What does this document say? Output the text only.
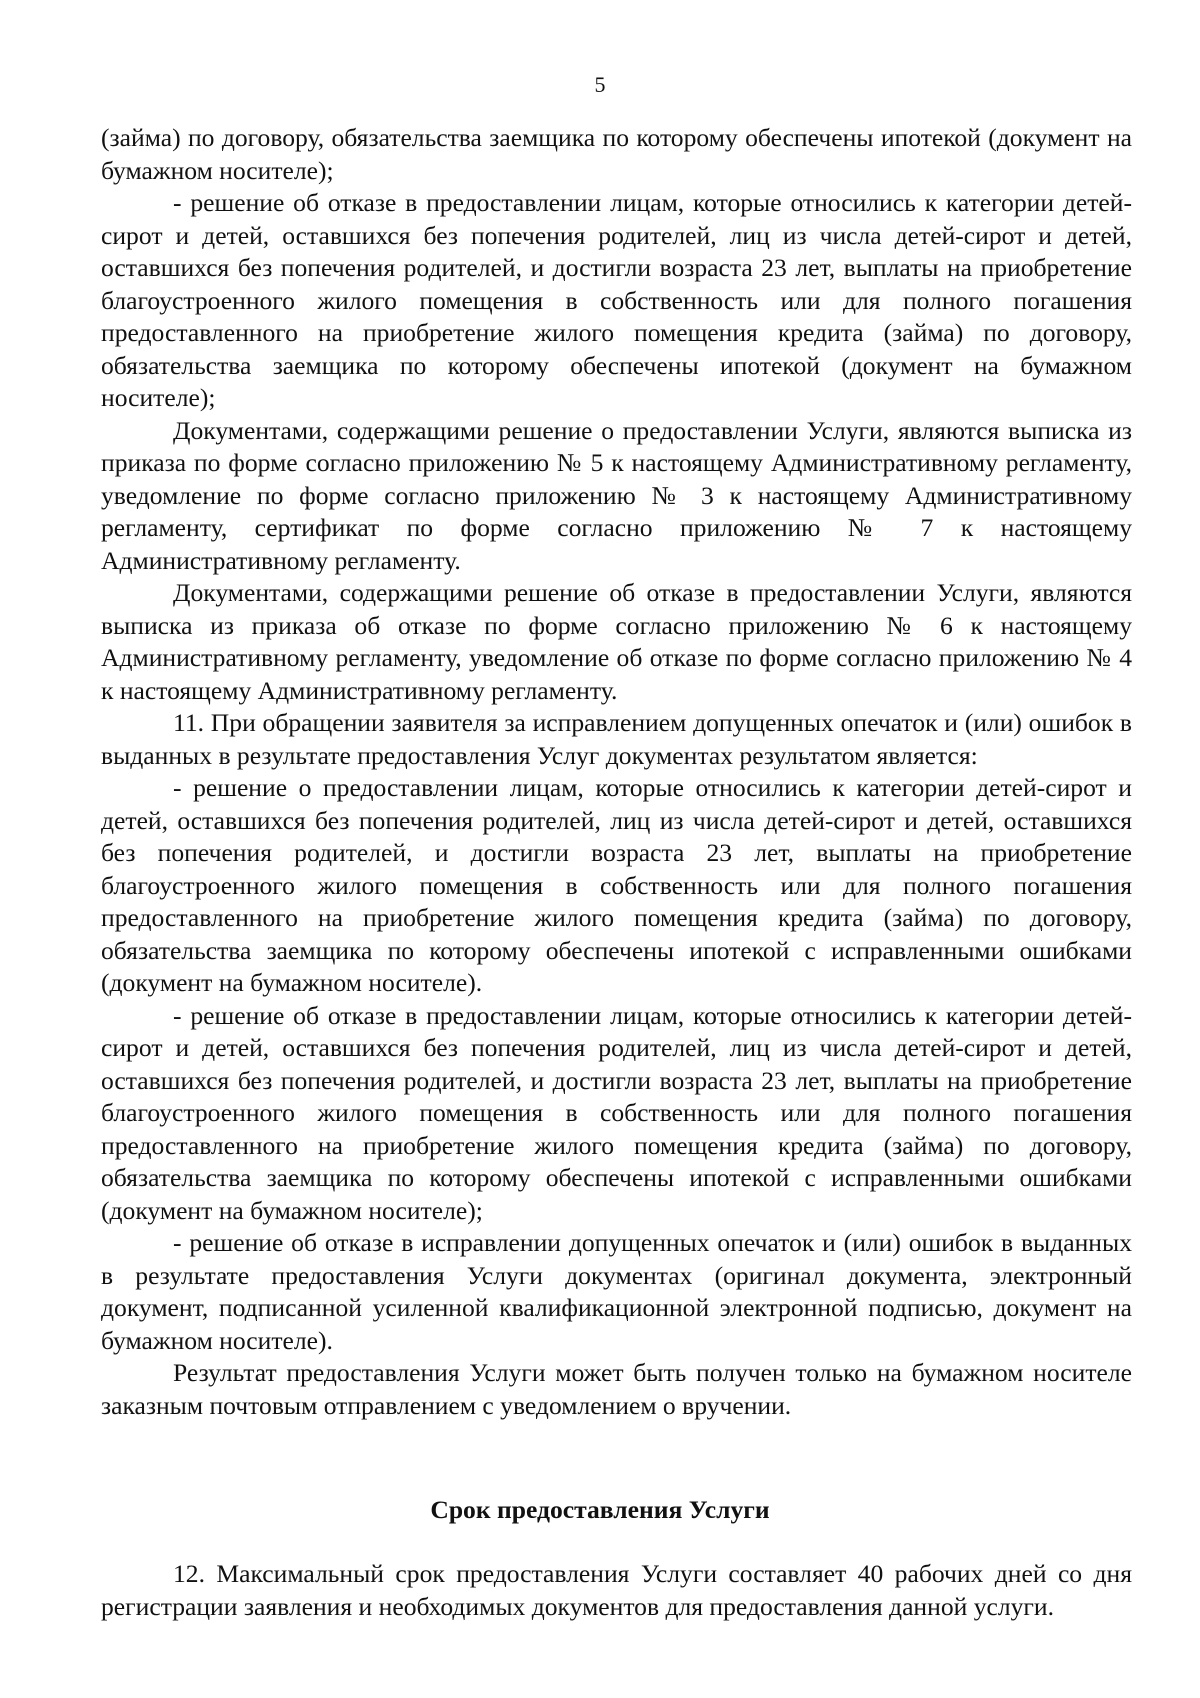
5

(займа) по договору, обязательства заемщика по которому обеспечены ипотекой (документ на бумажном носителе);

- решение об отказе в предоставлении лицам, которые относились к категории детей-сирот и детей, оставшихся без попечения родителей, лиц из числа детей-сирот и детей, оставшихся без попечения родителей, и достигли возраста 23 лет, выплаты на приобретение благоустроенного жилого помещения в собственность или для полного погашения предоставленного на приобретение жилого помещения кредита (займа) по договору, обязательства заемщика по которому обеспечены ипотекой (документ на бумажном носителе);

Документами, содержащими решение о предоставлении Услуги, являются выписка из приказа по форме согласно приложению № 5 к настоящему Административному регламенту, уведомление по форме согласно приложению № 3 к настоящему Административному регламенту, сертификат по форме согласно приложению № 7 к настоящему Административному регламенту.

Документами, содержащими решение об отказе в предоставлении Услуги, являются выписка из приказа об отказе по форме согласно приложению № 6 к настоящему Административному регламенту, уведомление об отказе по форме согласно приложению № 4 к настоящему Административному регламенту.

11. При обращении заявителя за исправлением допущенных опечаток и (или) ошибок в выданных в результате предоставления Услуг документах результатом является:

- решение о предоставлении лицам, которые относились к категории детей-сирот и детей, оставшихся без попечения родителей, лиц из числа детей-сирот и детей, оставшихся без попечения родителей, и достигли возраста 23 лет, выплаты на приобретение благоустроенного жилого помещения в собственность или для полного погашения предоставленного на приобретение жилого помещения кредита (займа) по договору, обязательства заемщика по которому обеспечены ипотекой с исправленными ошибками (документ на бумажном носителе).

- решение об отказе в предоставлении лицам, которые относились к категории детей-сирот и детей, оставшихся без попечения родителей, лиц из числа детей-сирот и детей, оставшихся без попечения родителей, и достигли возраста 23 лет, выплаты на приобретение благоустроенного жилого помещения в собственность или для полного погашения предоставленного на приобретение жилого помещения кредита (займа) по договору, обязательства заемщика по которому обеспечены ипотекой с исправленными ошибками (документ на бумажном носителе);

- решение об отказе в исправлении допущенных опечаток и (или) ошибок в выданных в результате предоставления Услуги документах (оригинал документа, электронный документ, подписанной усиленной квалификационной электронной подписью, документ на бумажном носителе).

Результат предоставления Услуги может быть получен только на бумажном носителе заказным почтовым отправлением с уведомлением о вручении.

Срок предоставления Услуги

12. Максимальный срок предоставления Услуги составляет 40 рабочих дней со дня регистрации заявления и необходимых документов для предоставления данной услуги.
